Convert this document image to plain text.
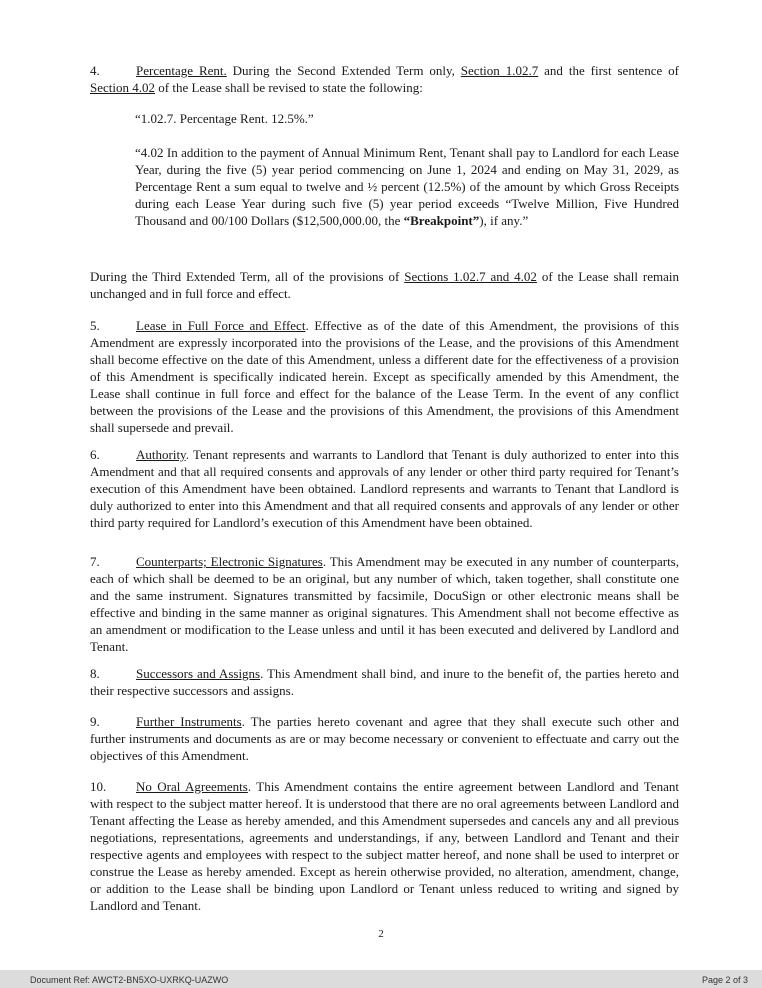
4.	Percentage Rent. During the Second Extended Term only, Section 1.02.7 and the first sentence of Section 4.02 of the Lease shall be revised to state the following:
“1.02.7. Percentage Rent. 12.5%.”
“4.02 In addition to the payment of Annual Minimum Rent, Tenant shall pay to Landlord for each Lease Year, during the five (5) year period commencing on June 1, 2024 and ending on May 31, 2029, as Percentage Rent a sum equal to twelve and ½ percent (12.5%) of the amount by which Gross Receipts during each Lease Year during such five (5) year period exceeds “Twelve Million, Five Hundred Thousand and 00/100 Dollars ($12,500,000.00, the “Breakpoint”), if any.”
During the Third Extended Term, all of the provisions of Sections 1.02.7 and 4.02 of the Lease shall remain unchanged and in full force and effect.
5.	Lease in Full Force and Effect. Effective as of the date of this Amendment, the provisions of this Amendment are expressly incorporated into the provisions of the Lease, and the provisions of this Amendment shall become effective on the date of this Amendment, unless a different date for the effectiveness of a provision of this Amendment is specifically indicated herein. Except as specifically amended by this Amendment, the Lease shall continue in full force and effect for the balance of the Lease Term. In the event of any conflict between the provisions of the Lease and the provisions of this Amendment, the provisions of this Amendment shall supersede and prevail.
6.	Authority. Tenant represents and warrants to Landlord that Tenant is duly authorized to enter into this Amendment and that all required consents and approvals of any lender or other third party required for Tenant’s execution of this Amendment have been obtained. Landlord represents and warrants to Tenant that Landlord is duly authorized to enter into this Amendment and that all required consents and approvals of any lender or other third party required for Landlord’s execution of this Amendment have been obtained.
7.	Counterparts; Electronic Signatures. This Amendment may be executed in any number of counterparts, each of which shall be deemed to be an original, but any number of which, taken together, shall constitute one and the same instrument. Signatures transmitted by facsimile, DocuSign or other electronic means shall be effective and binding in the same manner as original signatures. This Amendment shall not become effective as an amendment or modification to the Lease unless and until it has been executed and delivered by Landlord and Tenant.
8.	Successors and Assigns. This Amendment shall bind, and inure to the benefit of, the parties hereto and their respective successors and assigns.
9.	Further Instruments. The parties hereto covenant and agree that they shall execute such other and further instruments and documents as are or may become necessary or convenient to effectuate and carry out the objectives of this Amendment.
10. No Oral Agreements. This Amendment contains the entire agreement between Landlord and Tenant with respect to the subject matter hereof. It is understood that there are no oral agreements between Landlord and Tenant affecting the Lease as hereby amended, and this Amendment supersedes and cancels any and all previous negotiations, representations, agreements and understandings, if any, between Landlord and Tenant and their respective agents and employees with respect to the subject matter hereof, and none shall be used to interpret or construe the Lease as hereby amended. Except as herein otherwise provided, no alteration, amendment, change, or addition to the Lease shall be binding upon Landlord or Tenant unless reduced to writing and signed by Landlord and Tenant.
2
Document Ref: AWCT2-BN5XO-UXRKQ-UAZWO	Page 2 of 3
